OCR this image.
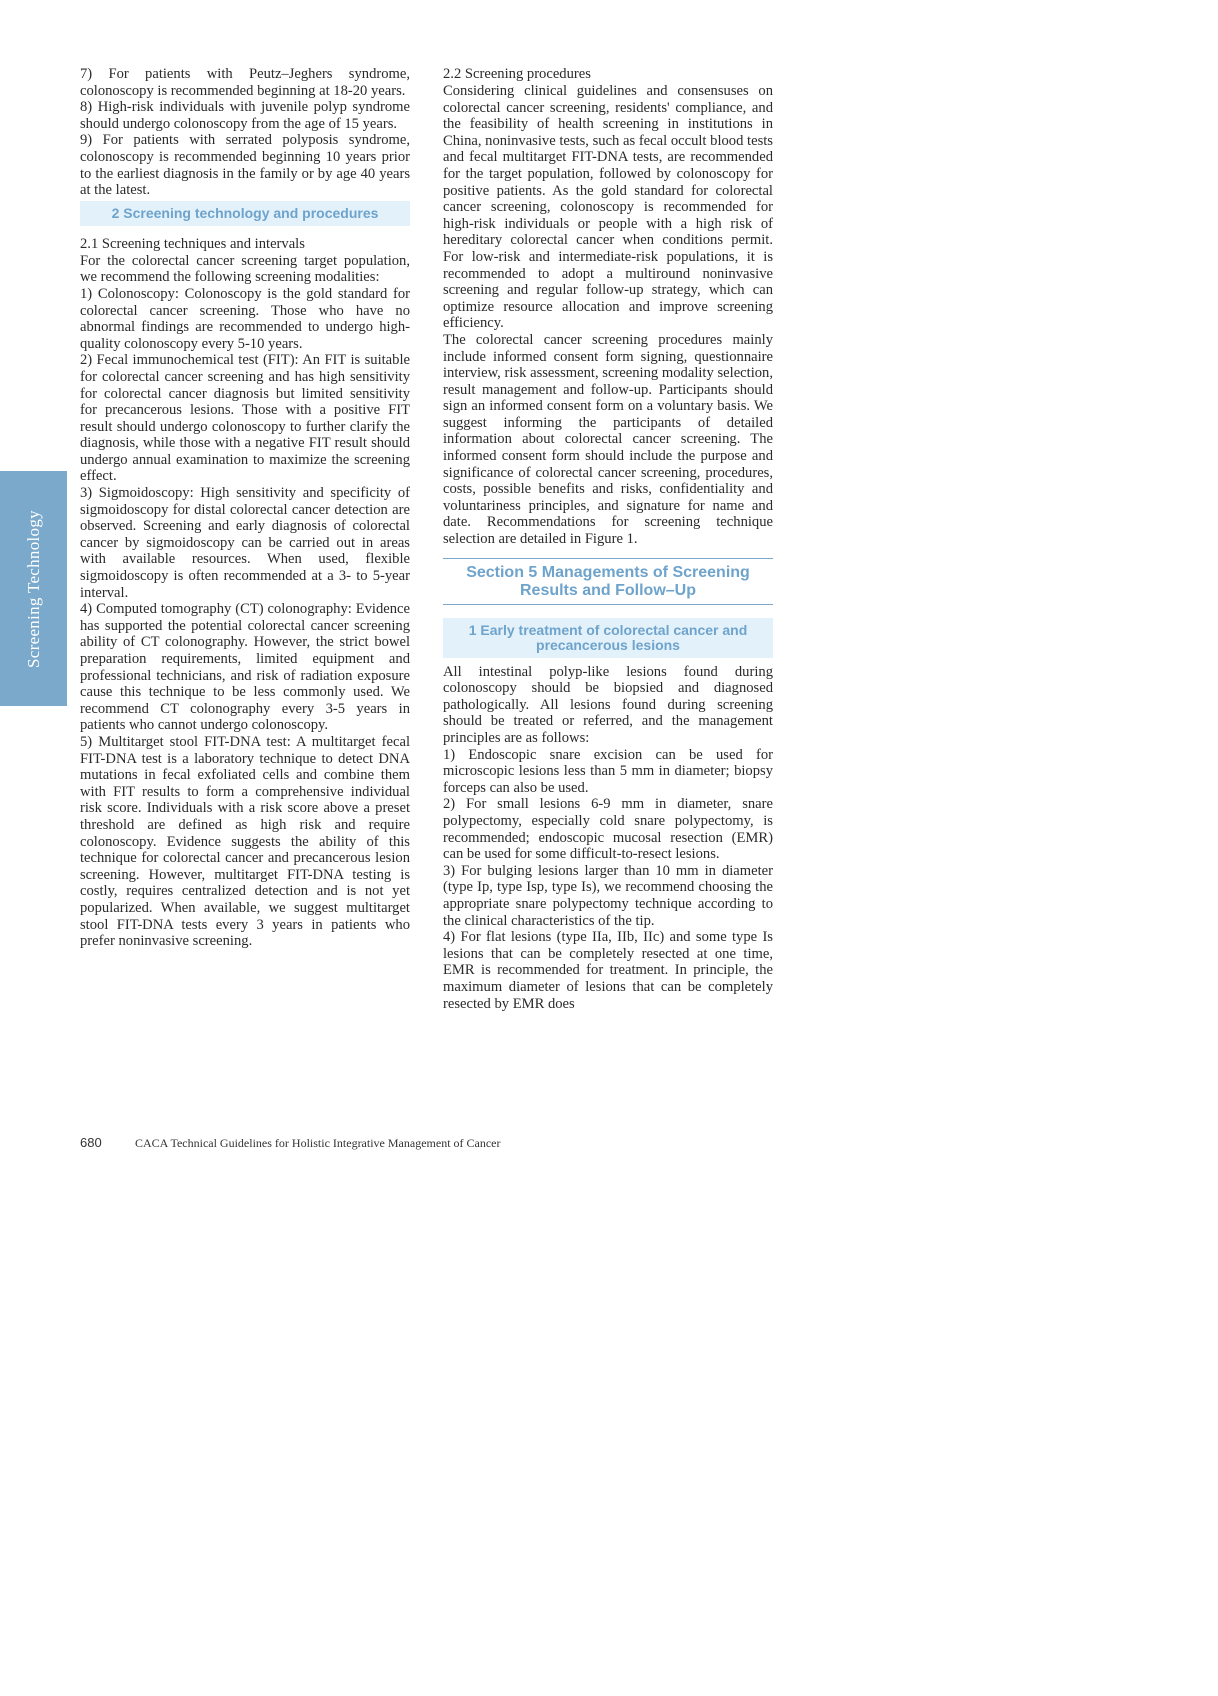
Screening Technology

7) For patients with Peutz–Jeghers syndrome, colonoscopy is recommended beginning at 18-20 years.

8) High-risk individuals with juvenile polyp syndrome should undergo colonoscopy from the age of 15 years.

9) For patients with serrated polyposis syndrome, colonoscopy is recommended beginning 10 years prior to the earliest diagnosis in the family or by age 40 years at the latest.

2 Screening technology and procedures

2.1 Screening techniques and intervals

For the colorectal cancer screening target population, we recommend the following screening modalities:

1) Colonoscopy: Colonoscopy is the gold standard for colorectal cancer screening. Those who have no abnormal findings are recommended to undergo high-quality colonoscopy every 5-10 years.

2) Fecal immunochemical test (FIT): An FIT is suitable for colorectal cancer screening and has high sensitivity for colorectal cancer diagnosis but limited sensitivity for precancerous lesions. Those with a positive FIT result should undergo colonoscopy to further clarify the diagnosis, while those with a negative FIT result should undergo annual examination to maximize the screening effect.

3) Sigmoidoscopy: High sensitivity and specificity of sigmoidoscopy for distal colorectal cancer detection are observed. Screening and early diagnosis of colorectal cancer by sigmoidoscopy can be carried out in areas with available resources. When used, flexible sigmoidoscopy is often recommended at a 3- to 5-year interval.

4) Computed tomography (CT) colonography: Evidence has supported the potential colorectal cancer screening ability of CT colonography. However, the strict bowel preparation requirements, limited equipment and professional technicians, and risk of radiation exposure cause this technique to be less commonly used. We recommend CT colonography every 3-5 years in patients who cannot undergo colonoscopy.

5) Multitarget stool FIT-DNA test: A multitarget fecal FIT-DNA test is a laboratory technique to detect DNA mutations in fecal exfoliated cells and combine them with FIT results to form a comprehensive individual risk score. Individuals with a risk score above a preset threshold are defined as high risk and require colonoscopy. Evidence suggests the ability of this technique for colorectal cancer and precancerous lesion screening. However, multitarget FIT-DNA testing is costly, requires centralized detection and is not yet popularized. When available, we suggest multitarget stool FIT-DNA tests every 3 years in patients who prefer noninvasive screening.

2.2 Screening procedures

Considering clinical guidelines and consensuses on colorectal cancer screening, residents' compliance, and the feasibility of health screening in institutions in China, noninvasive tests, such as fecal occult blood tests and fecal multitarget FIT-DNA tests, are recommended for the target population, followed by colonoscopy for positive patients. As the gold standard for colorectal cancer screening, colonoscopy is recommended for high-risk individuals or people with a high risk of hereditary colorectal cancer when conditions permit. For low-risk and intermediate-risk populations, it is recommended to adopt a multiround noninvasive screening and regular follow-up strategy, which can optimize resource allocation and improve screening efficiency.

The colorectal cancer screening procedures mainly include informed consent form signing, questionnaire interview, risk assessment, screening modality selection, result management and follow-up. Participants should sign an informed consent form on a voluntary basis. We suggest informing the participants of detailed information about colorectal cancer screening. The informed consent form should include the purpose and significance of colorectal cancer screening, procedures, costs, possible benefits and risks, confidentiality and voluntariness principles, and signature for name and date. Recommendations for screening technique selection are detailed in Figure 1.

Section 5 Managements of Screening
Results and Follow–Up
1 Early treatment of colorectal cancer and
precancerous lesions

All intestinal polyp-like lesions found during colonoscopy should be biopsied and diagnosed pathologically. All lesions found during screening should be treated or referred, and the management principles are as follows:

1) Endoscopic snare excision can be used for microscopic lesions less than 5 mm in diameter; biopsy forceps can also be used.

2) For small lesions 6-9 mm in diameter, snare polypectomy, especially cold snare polypectomy, is recommended; endoscopic mucosal resection (EMR) can be used for some difficult-to-resect lesions.

3) For bulging lesions larger than 10 mm in diameter (type Ip, type Isp, type Is), we recommend choosing the appropriate snare polypectomy technique according to the clinical characteristics of the tip.

4) For flat lesions (type IIa, IIb, IIc) and some type Is lesions that can be completely resected at one time, EMR is recommended for treatment. In principle, the maximum diameter of lesions that can be completely resected by EMR does

680	CACA Technical Guidelines for Holistic Integrative Management of Cancer
